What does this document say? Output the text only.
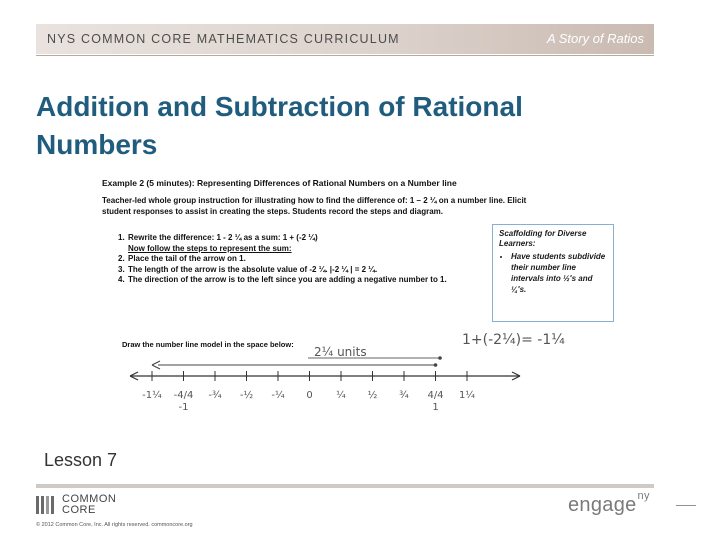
NYS COMMON CORE MATHEMATICS CURRICULUM	A Story of Ratios
Addition and Subtraction of Rational Numbers
Example 2 (5 minutes): Representing Differences of Rational Numbers on a Number line
Teacher-led whole group instruction for illustrating how to find the difference of: 1 – 2 ¼ on a number line. Elicit student responses to assist in creating the steps. Students record the steps and diagram.
1. Rewrite the difference: 1 - 2 ¼ as a sum: 1 + (-2 ¼)
Now follow the steps to represent the sum:
2. Place the tail of the arrow on 1.
3. The length of the arrow is the absolute value of -2 ¼. |-2 ¼ | = 2 ¼.
4. The direction of the arrow is to the left since you are adding a negative number to 1.
Scaffolding for Diverse Learners:
• Have students subdivide their number line intervals into ½'s and ¼'s.
Draw the number line model in the space below:
2¼ units
1+(-2¼)= -1¼
-1¼ -4/4
-1
-¾ -½ -¼ 0 ¼ ½ ¾ 4/4
1
1¼
Lesson 7
COMMON
CORE
© 2012 Common Core, Inc. All rights reserved. commoncore.org
engage$^{ny}$
